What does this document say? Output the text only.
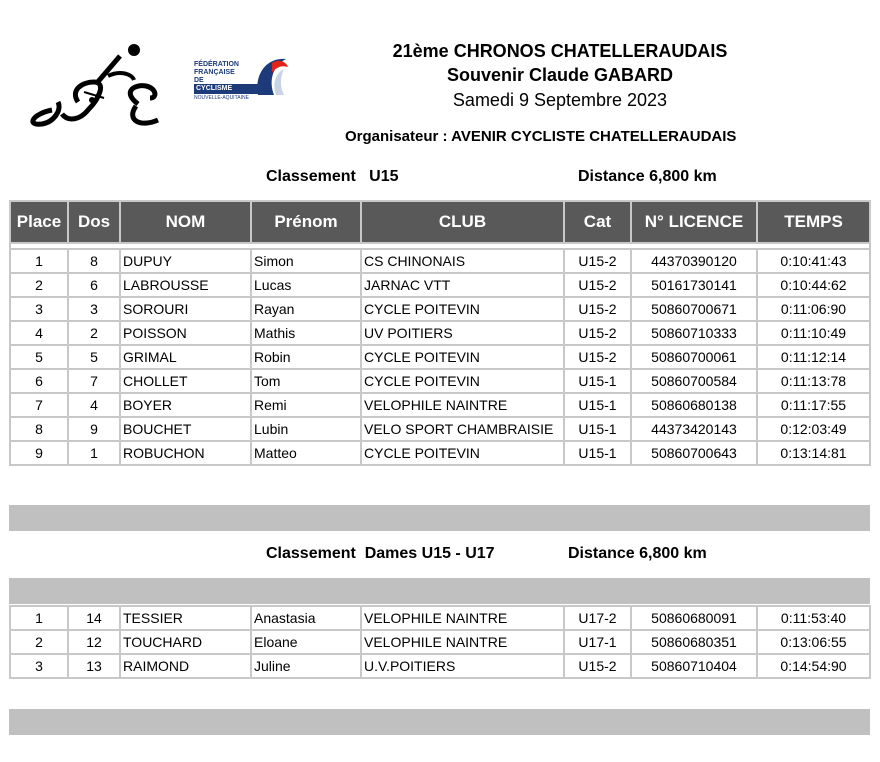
FÉDÉRATION
FRANÇAISE
DE
CYCLISME
NOUVELLE-AQUITAINE
21ème CHRONOS CHATELLERAUDAIS
Souvenir Claude GABARD
Samedi 9 Septembre 2023
Organisateur : AVENIR CYCLISTE CHATELLERAUDAIS
Classement   U15	Distance 6,800 km
Place	Dos	NOM	Prénom	CLUB	Cat	N° LICENCE	TEMPS

1	8	DUPUY	Simon	CS CHINONAIS	U15-2	44370390120	0:10:41:43
2	6	LABROUSSE	Lucas	JARNAC VTT	U15-2	50161730141	0:10:44:62
3	3	SOROURI	Rayan	CYCLE POITEVIN	U15-2	50860700671	0:11:06:90
4	2	POISSON	Mathis	UV POITIERS	U15-2	50860710333	0:11:10:49
5	5	GRIMAL	Robin	CYCLE POITEVIN	U15-2	50860700061	0:11:12:14
6	7	CHOLLET	Tom	CYCLE POITEVIN	U15-1	50860700584	0:11:13:78
7	4	BOYER	Remi	VELOPHILE NAINTRE	U15-1	50860680138	0:11:17:55
8	9	BOUCHET	Lubin	VELO SPORT CHAMBRAISIE	U15-1	44373420143	0:12:03:49
9	1	ROBUCHON	Matteo	CYCLE POITEVIN	U15-1	50860700643	0:13:14:81
Classement  Dames U15 - U17	Distance 6,800 km
1	14	TESSIER	Anastasia	VELOPHILE NAINTRE	U17-2	50860680091	0:11:53:40
2	12	TOUCHARD	Eloane	VELOPHILE NAINTRE	U17-1	50860680351	0:13:06:55
3	13	RAIMOND	Juline	U.V.POITIERS	U15-2	50860710404	0:14:54:90
